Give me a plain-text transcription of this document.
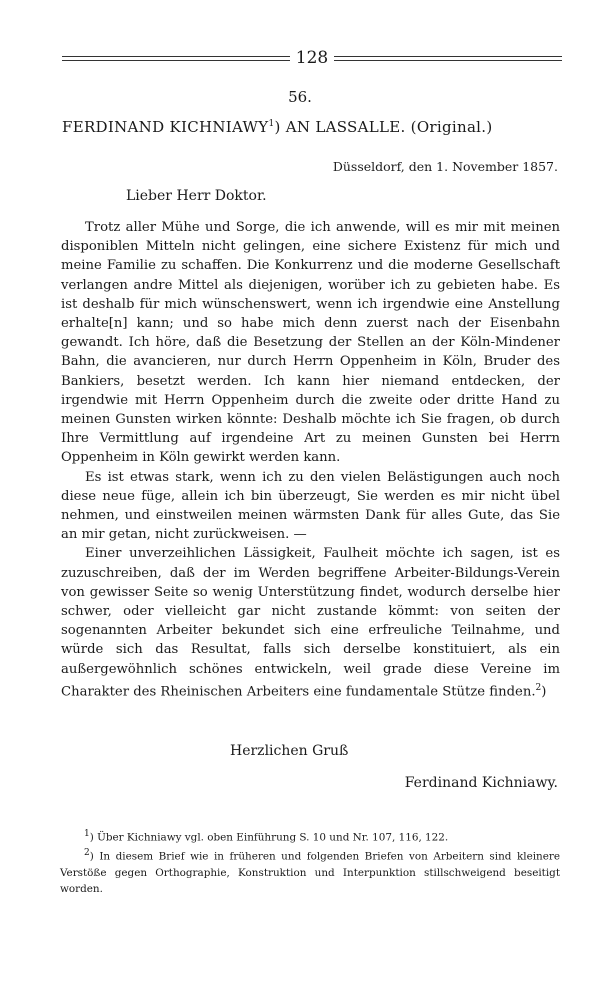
128
56.
FERDINAND KICHNIAWY$^1$) AN LASSALLE. (Original.)
Düsseldorf, den 1. November 1857.
Lieber Herr Doktor.

Trotz aller Mühe und Sorge, die ich anwende, will es mir mit meinen disponiblen Mitteln nicht gelingen, eine sichere Existenz für mich und meine Familie zu schaffen. Die Konkurrenz und die moderne Gesellschaft verlangen andre Mittel als diejenigen, worüber ich zu gebieten habe. Es ist deshalb für mich wünschenswert, wenn ich irgendwie eine Anstellung erhalte[n] kann; und so habe mich denn zuerst nach der Eisenbahn gewandt. Ich höre, daß die Besetzung der Stellen an der Köln-Mindener Bahn, die avancieren, nur durch Herrn Oppenheim in Köln, Bruder des Bankiers, besetzt werden. Ich kann hier niemand entdecken, der irgendwie mit Herrn Oppenheim durch die zweite oder dritte Hand zu meinen Gunsten wirken könnte: Deshalb möchte ich Sie fragen, ob durch Ihre Vermittlung auf irgendeine Art zu meinen Gunsten bei Herrn Oppenheim in Köln gewirkt werden kann.

Es ist etwas stark, wenn ich zu den vielen Belästigungen auch noch diese neue füge, allein ich bin überzeugt, Sie werden es mir nicht übel nehmen, und einstweilen meinen wärmsten Dank für alles Gute, das Sie an mir getan, nicht zurückweisen. —

Einer unverzeihlichen Lässigkeit, Faulheit möchte ich sagen, ist es zuzuschreiben, daß der im Werden begriffene Arbeiter-Bildungs-Verein von gewisser Seite so wenig Unterstützung findet, wodurch derselbe hier schwer, oder vielleicht gar nicht zustande kömmt: von seiten der sogenannten Arbeiter bekundet sich eine erfreuliche Teilnahme, und würde sich das Resultat, falls sich derselbe konstituiert, als ein außergewöhnlich schönes entwickeln, weil grade diese Vereine im Charakter des Rheinischen Arbeiters eine fundamentale Stütze finden.$^2$)

Herzlichen Gruß
Ferdinand Kichniawy.

$^1$) Über Kichniawy vgl. oben Einführung S. 10 und Nr. 107, 116, 122.

$^2$) In diesem Brief wie in früheren und folgenden Briefen von Arbeitern sind kleinere Verstöße gegen Orthographie, Konstruktion und Interpunktion stillschweigend beseitigt worden.
